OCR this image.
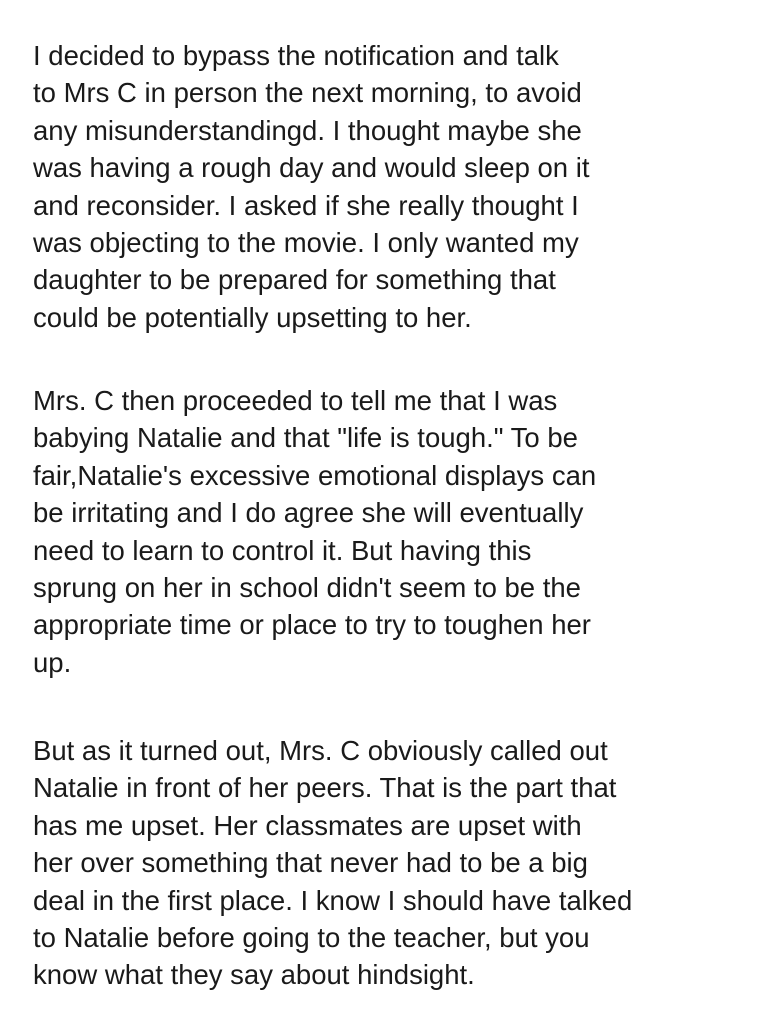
I decided to bypass the notification and talk
to Mrs C in person the next morning, to avoid
any misunderstandingd. I thought maybe she
was having a rough day and would sleep on it
and reconsider. I asked if she really thought I
was objecting to the movie. I only wanted my
daughter to be prepared for something that
could be potentially upsetting to her.

Mrs. C then proceeded to tell me that I was
babying Natalie and that "life is tough." To be
fair,Natalie's excessive emotional displays can
be irritating and I do agree she will eventually
need to learn to control it. But having this
sprung on her in school didn't seem to be the
appropriate time or place to try to toughen her
up.

But as it turned out, Mrs. C obviously called out
Natalie in front of her peers. That is the part that
has me upset. Her classmates are upset with
her over something that never had to be a big
deal in the first place. I know I should have talked
to Natalie before going to the teacher, but you
know what they say about hindsight.
